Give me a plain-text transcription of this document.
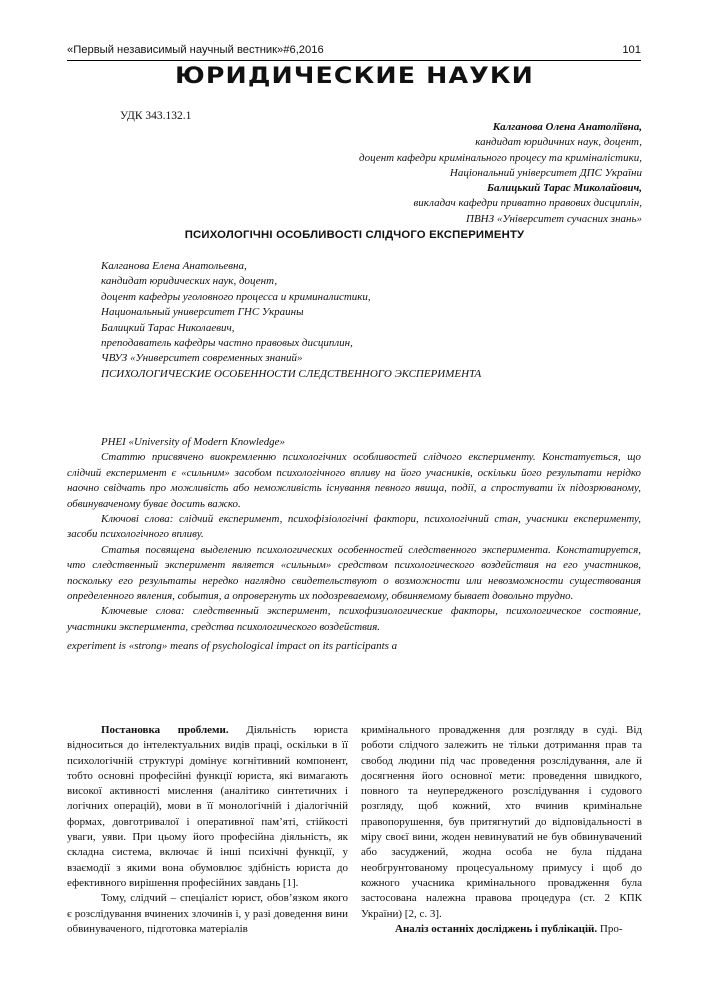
«Первый независимый научный вестник»#6,2016	101
ЮРИДИЧЕСКИЕ НАУКИ
УДК 343.132.1
Калганова Олена Анатоліївна,
кандидат юридичних наук, доцент,
доцент кафедри кримінального процесу та криміналістики,
Національний університет ДПС України
Балицький Тарас Миколайович,
викладач кафедри приватно правових дисциплін,
ПВНЗ «Університет сучасних знань»
ПСИХОЛОГІЧНІ ОСОБЛИВОСТІ СЛІДЧОГО ЕКСПЕРИМЕНТУ
Калганова Елена Анатольевна,
кандидат юридических наук, доцент,
доцент кафедры уголовного процесса и криминалистики,
Национальный университет ГНС Украины
Балицкий Тарас Николаевич,
преподаватель кафедры частно правовых дисциплин,
ЧВУЗ «Университет современных знаний»
ПСИХОЛОГИЧЕСКИЕ ОСОБЕННОСТИ СЛЕДСТВЕННОГО ЭКСПЕРИМЕНТА

PHEI «University of Modern Knowledge»

Статтю присвячено виокремленню психологічних особливостей слідчого експерименту. Констатується, що слідчий експеримент є «сильним» засобом психологічного впливу на його учасників, оскільки його результати нерідко наочно свідчать про можливість або неможливість існування певного явища, події, а спростувати їх підозрюваному, обвинуваченому буває досить важко.

Ключові слова: слідчий експеримент, психофізіологічні фактори, психологічний стан, учасники експерименту, засоби психологічного впливу.

Статья посвящена выделению психологических особенностей следственного эксперимента. Констатируется, что следственный эксперимент является «сильным» средством психологического воздействия на его участников, поскольку его результаты нередко наглядно свидетельствуют о возможности или невозможности существования определенного явления, события, а опровергнуть их подозреваемому, обвиняемому бывает довольно трудно.

Ключевые слова: следственный эксперимент, психофизиологические факторы, психологическое состояние, участники эксперимента, средства психологического воздействия.

experiment is «strong» means of psychological impact on its participants a

Постановка проблеми. Діяльність юриста відноситься до інтелектуальних видів праці, оскільки в її психологічній структурі домінує когнітивний компонент, тобто основні професійні функції юриста, які вимагають високої активності мислення (аналітико синтетичних і логічних операцій), мови в її монологічній і діалогічній формах, довготривалої і оперативної пам’яті, стійкості уваги, уяви. При цьому його професійна діяльність, як складна система, включає й інші психічні функції, у взаємодії з якими вона обумовлює здібність юриста до ефективного вирішення професійних завдань [1].

Тому, слідчий – спеціаліст юрист, обов’язком якого є розслідування вчинених злочинів і, у разі доведення вини обвинуваченого, підготовка матеріалів

кримінального провадження для розгляду в суді. Від роботи слідчого залежить не тільки дотримання прав та свобод людини під час проведення розслідування, але й досягнення його основної мети: проведення швидкого, повного та неупередженого розслідування і судового розгляду, щоб кожний, хто вчинив кримінальне правопорушення, був притягнутий до відповідальності в міру своєї вини, жоден невинуватий не був обвинувачений або засуджений, жодна особа не була піддана необгрунтованому процесуальному примусу і щоб до кожного учасника кримінального провадження була застосована належна правова процедура (ст. 2 КПК України) [2, с. 3].

Аналіз останніх досліджень і публікацій. Про-
